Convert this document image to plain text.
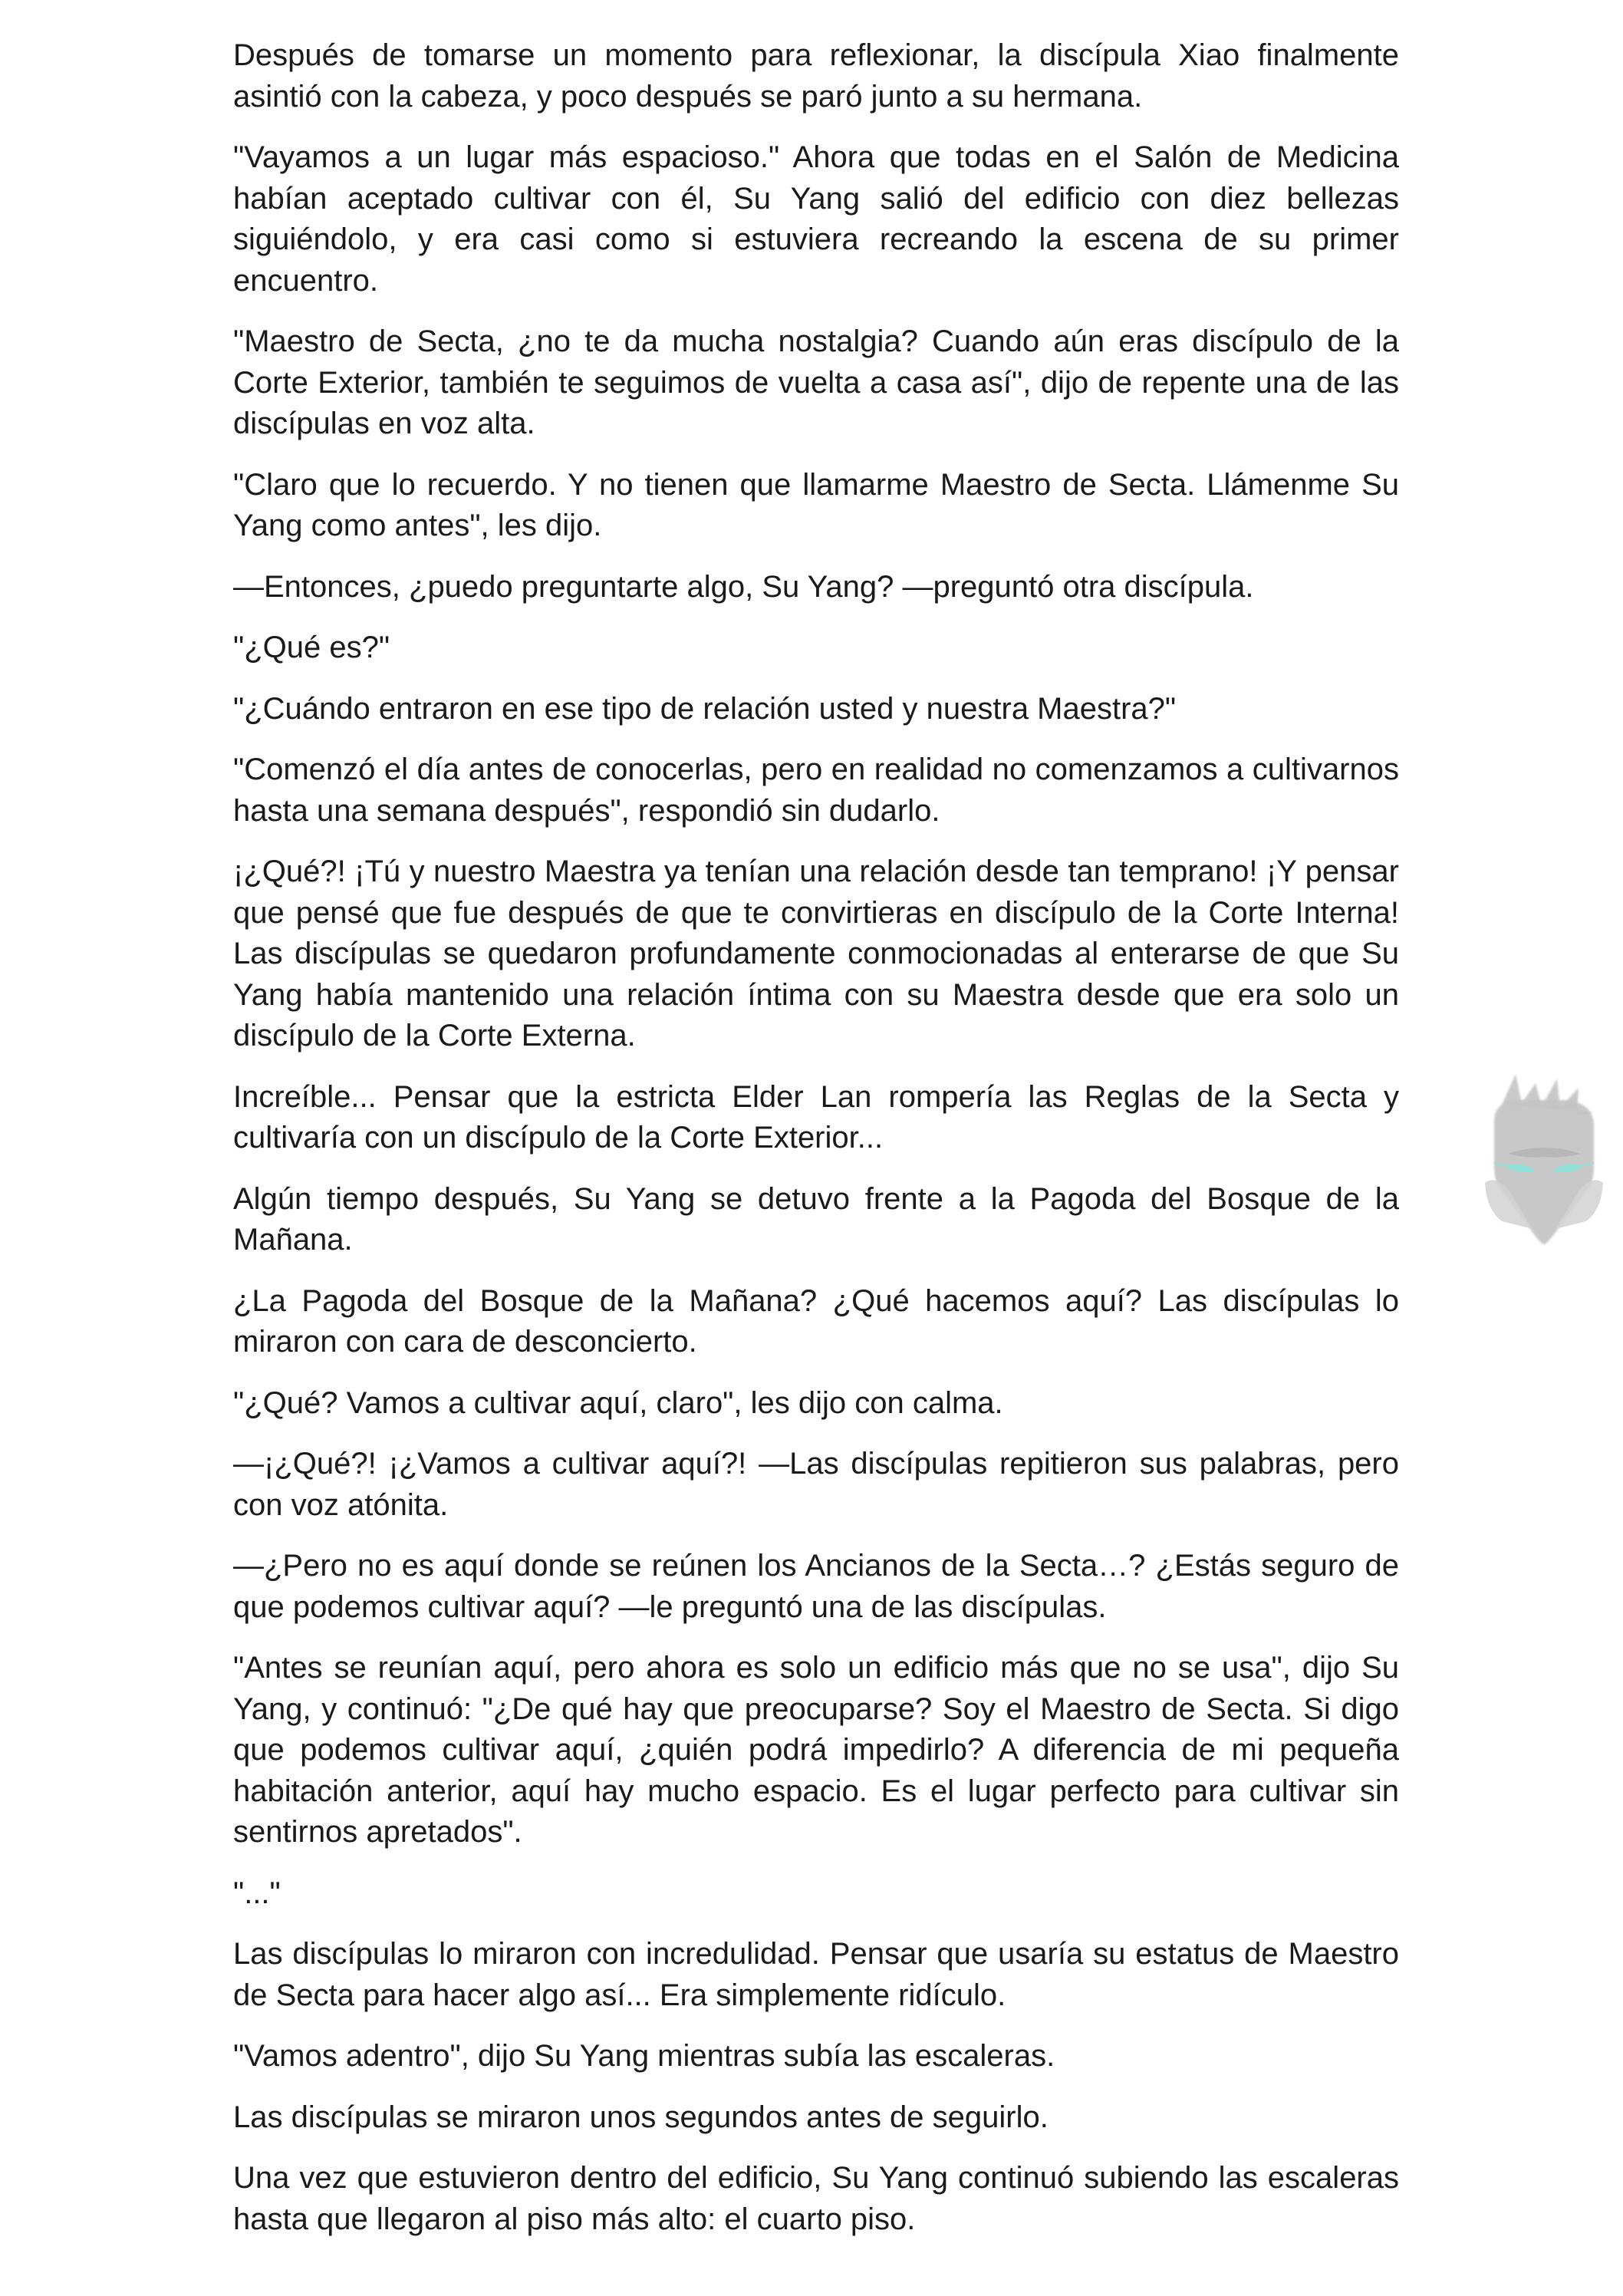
Después de tomarse un momento para reflexionar, la discípula Xiao finalmente asintió con la cabeza, y poco después se paró junto a su hermana.

"Vayamos a un lugar más espacioso." Ahora que todas en el Salón de Medicina habían aceptado cultivar con él, Su Yang salió del edificio con diez bellezas siguiéndolo, y era casi como si estuviera recreando la escena de su primer encuentro.

"Maestro de Secta, ¿no te da mucha nostalgia? Cuando aún eras discípulo de la Corte Exterior, también te seguimos de vuelta a casa así", dijo de repente una de las discípulas en voz alta.

"Claro que lo recuerdo. Y no tienen que llamarme Maestro de Secta. Llámenme Su Yang como antes", les dijo.

—Entonces, ¿puedo preguntarte algo, Su Yang? —preguntó otra discípula.

"¿Qué es?"

"¿Cuándo entraron en ese tipo de relación usted y nuestra Maestra?"

"Comenzó el día antes de conocerlas, pero en realidad no comenzamos a cultivarnos hasta una semana después", respondió sin dudarlo.

¡¿Qué?! ¡Tú y nuestro Maestra ya tenían una relación desde tan temprano! ¡Y pensar que pensé que fue después de que te convirtieras en discípulo de la Corte Interna! Las discípulas se quedaron profundamente conmocionadas al enterarse de que Su Yang había mantenido una relación íntima con su Maestra desde que era solo un discípulo de la Corte Externa.

Increíble... Pensar que la estricta Elder Lan rompería las Reglas de la Secta y cultivaría con un discípulo de la Corte Exterior...

Algún tiempo después, Su Yang se detuvo frente a la Pagoda del Bosque de la Mañana.

¿La Pagoda del Bosque de la Mañana? ¿Qué hacemos aquí? Las discípulas lo miraron con cara de desconcierto.

"¿Qué? Vamos a cultivar aquí, claro", les dijo con calma.

—¡¿Qué?! ¡¿Vamos a cultivar aquí?! —Las discípulas repitieron sus palabras, pero con voz atónita.

—¿Pero no es aquí donde se reúnen los Ancianos de la Secta…? ¿Estás seguro de que podemos cultivar aquí? —le preguntó una de las discípulas.

"Antes se reunían aquí, pero ahora es solo un edificio más que no se usa", dijo Su Yang, y continuó: "¿De qué hay que preocuparse? Soy el Maestro de Secta. Si digo que podemos cultivar aquí, ¿quién podrá impedirlo? A diferencia de mi pequeña habitación anterior, aquí hay mucho espacio. Es el lugar perfecto para cultivar sin sentirnos apretados".

"..."

Las discípulas lo miraron con incredulidad. Pensar que usaría su estatus de Maestro de Secta para hacer algo así... Era simplemente ridículo.

"Vamos adentro", dijo Su Yang mientras subía las escaleras.

Las discípulas se miraron unos segundos antes de seguirlo.

Una vez que estuvieron dentro del edificio, Su Yang continuó subiendo las escaleras hasta que llegaron al piso más alto: el cuarto piso.
